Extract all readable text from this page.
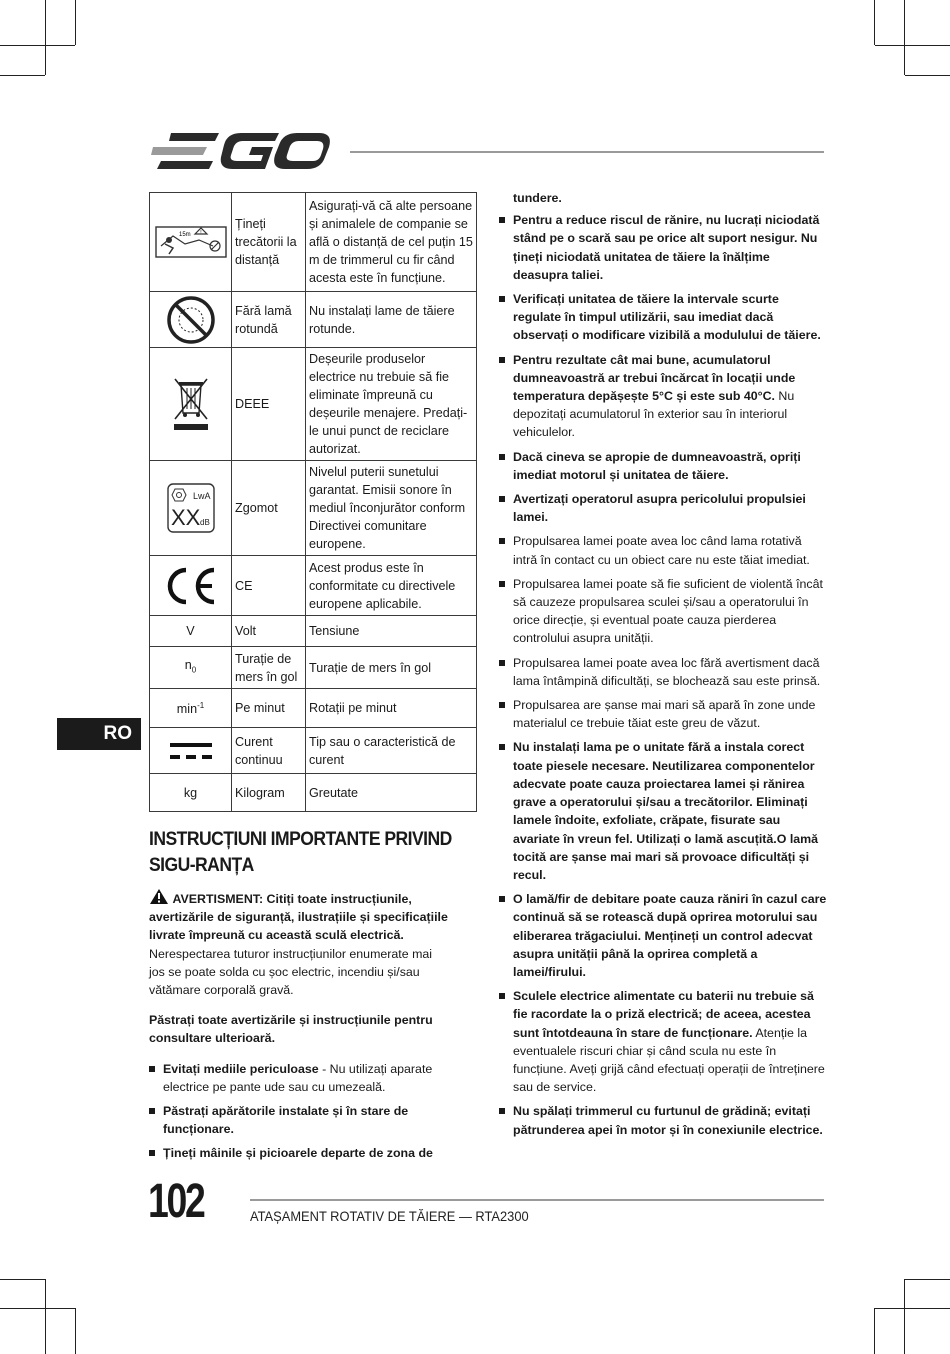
!
15m	Țineți trecătorii la distanță	Asigurați-vă că alte persoane și animalele de companie se află o distanță de cel puțin 15 m de trimmerul cu fir când acesta este în funcțiune.

	Fără lamă rotundă	Nu instalați lame de tăiere rotunde.

	DEEE	Deșeurile produselor electrice nu trebuie să fie eliminate împreună cu deșeurile menajere. Predați-le unui punct de reciclare autorizat.

LwA
XX dB	Zgomot	Nivelul puterii sunetului garantat. Emisii sonore în mediul înconjurător conform Directivei comunitare europene.

	CE	Acest produs este în conformitate cu directivele europene aplicabile.
V	Volt	Tensiune
$n_0$	Turație de mers în gol	Turație de mers în gol
$\min^{-1}$	Pe minut	Rotații pe minut

	Curent continuu	Tip sau o caracteristică de curent
kg	Kilogram	Greutate
RO
INSTRUCȚIUNI IMPORTANTE PRIVIND SIGU-RANȚA

AVERTISMENT: Citiți toate instrucțiunile, avertizările de siguranță, ilustrațiile și specificațiile livrate împreună cu această sculă electrică. Nerespectarea tuturor instrucțiunilor enumerate mai jos se poate solda cu șoc electric, incendiu și/sau vătămare corporală gravă.

Păstrați toate avertizările și instrucțiunile pentru consultare ulterioară.

Evitați mediile periculoase - Nu utilizați aparate electrice pe pante ude sau cu umezeală.
Păstrați apărătorile instalate și în stare de funcționare.
Țineți mâinile și picioarele departe de zona de

tundere.

Pentru a reduce riscul de rănire, nu lucrați niciodată stând pe o scară sau pe orice alt suport nesigur. Nu țineți niciodată unitatea de tăiere la înălțime deasupra taliei.
Verificați unitatea de tăiere la intervale scurte regulate în timpul utilizării, sau imediat dacă observați o modificare vizibilă a modulului de tăiere.
Pentru rezultate cât mai bune, acumulatorul dumneavoastră ar trebui încărcat în locații unde temperatura depășește 5°C și este sub 40°C. Nu depozitați acumulatorul în exterior sau în interiorul vehiculelor.
Dacă cineva se apropie de dumneavoastră, opriți imediat motorul și unitatea de tăiere.
Avertizați operatorul asupra pericolului propulsiei lamei.
Propulsarea lamei poate avea loc când lama rotativă intră în contact cu un obiect care nu este tăiat imediat.
Propulsarea lamei poate să fie suficient de violentă încât să cauzeze propulsarea sculei și/sau a operatorului în orice direcție, și eventual poate cauza pierderea controlului asupra unității.
Propulsarea lamei poate avea loc fără avertisment dacă lama întâmpină dificultăți, se blochează sau este prinsă.
Propulsarea are șanse mai mari să apară în zone unde materialul ce trebuie tăiat este greu de văzut.
Nu instalați lama pe o unitate fără a instala corect toate piesele necesare. Neutilizarea componentelor adecvate poate cauza proiectarea lamei și rănirea grave a operatorului și/sau a trecătorilor. Eliminați lamele îndoite, exfoliate, crăpate, fisurate sau avariate în vreun fel. Utilizați o lamă ascuțită.O lamă tocită are șanse mai mari să provoace dificultăți și recul.
O lamă/fir de debitare poate cauza răniri în cazul care continuă să se rotească după oprirea motorului sau eliberarea trăgaciului. Mențineți un control adecvat asupra unității până la oprirea completă a lamei/firului.
Sculele electrice alimentate cu baterii nu trebuie să fie racordate la o priză electrică; de aceea, acestea sunt întotdeauna în stare de funcționare. Atenție la eventualele riscuri chiar și când scula nu este în funcțiune. Aveți grijă când efectuați operații de întreținere sau de service.
Nu spălați trimmerul cu furtunul de grădină; evitați pătrunderea apei în motor și în conexiunile electrice.
102	ATAȘAMENT ROTATIV DE TĂIERE — RTA2300
